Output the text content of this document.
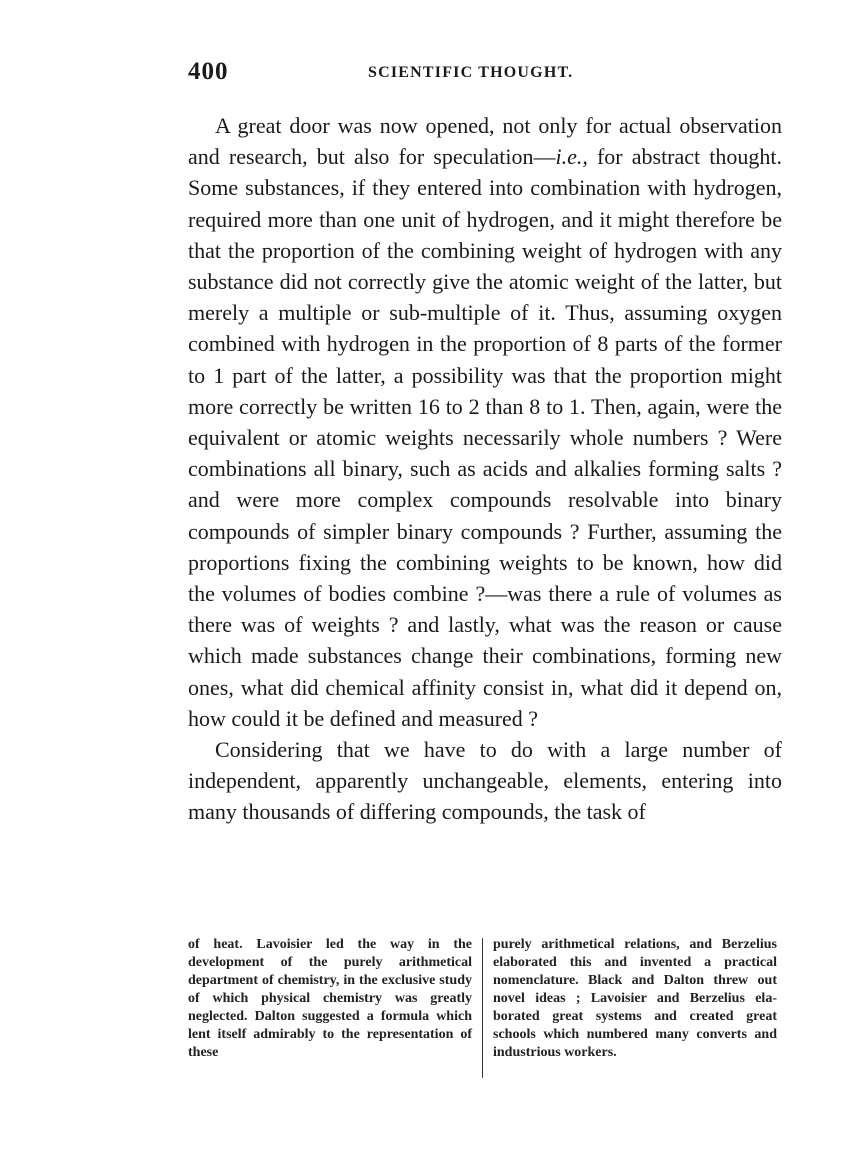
400	SCIENTIFIC THOUGHT.

A great door was now opened, not only for actual observation and research, but also for speculation—i.e., for abstract thought. Some substances, if they entered into combination with hydrogen, required more than one unit of hydrogen, and it might therefore be that the proportion of the combining weight of hydrogen with any substance did not correctly give the atomic weight of the latter, but merely a multiple or sub-multiple of it. Thus, assuming oxygen combined with hydrogen in the proportion of 8 parts of the former to 1 part of the latter, a possibility was that the proportion might more correctly be written 16 to 2 than 8 to 1. Then, again, were the equivalent or atomic weights necessarily whole numbers ? Were combinations all binary, such as acids and alkalies forming salts ? and were more complex compounds resolvable into binary compounds of simpler binary compounds ? Further, assuming the proportions fixing the combining weights to be known, how did the volumes of bodies combine ?—was there a rule of volumes as there was of weights ? and lastly, what was the reason or cause which made substances change their combinations, forming new ones, what did chemical affinity consist in, what did it depend on, how could it be defined and measured ?

Considering that we have to do with a large number of independent, apparently unchangeable, elements, entering into many thousands of differing compounds, the task of

of heat. Lavoisier led the way in the development of the purely arithmetical department of chemistry, in the exclusive study of which physical chemistry was greatly neglected. Dalton suggested a formula which lent itself admirably to the representation of these

purely arithmetical relations, and Berzelius elaborated this and invented a practical nomenclature. Black and Dalton threw out novel ideas ; Lavoisier and Berzelius elaborated great systems and created great schools which numbered many converts and industrious workers.
